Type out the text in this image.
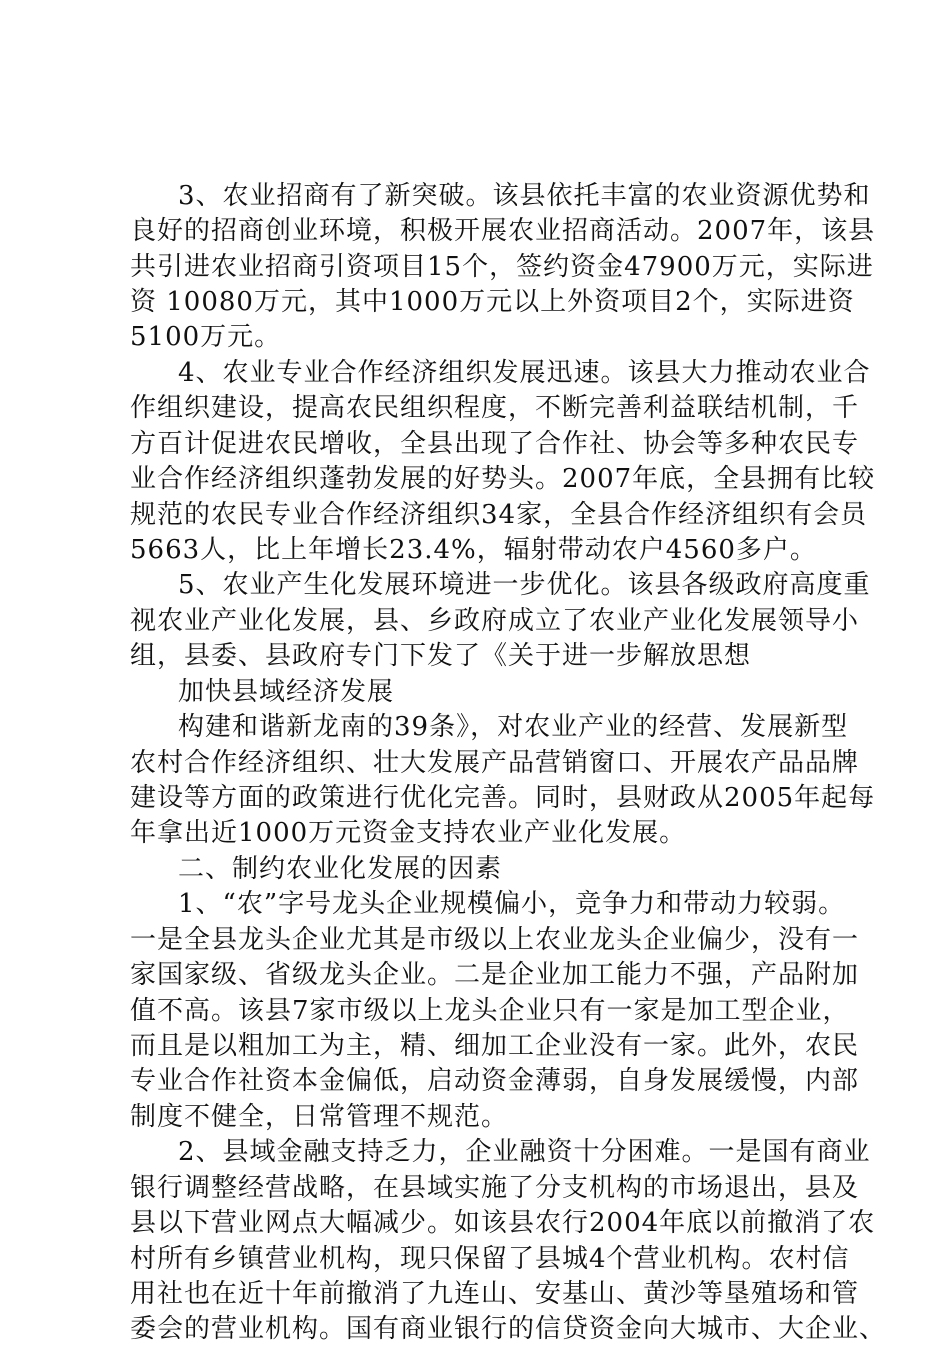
3、农业招商有了新突破。该县依托丰富的农业资源优势和
良好的招商创业环境，积极开展农业招商活动。2007年，该县
共引进农业招商引资项目15个，签约资金47900万元，实际进
资 10080万元，其中1000万元以上外资项目2个，实际进资
5100万元。
4、农业专业合作经济组织发展迅速。该县大力推动农业合
作组织建设，提高农民组织程度，不断完善利益联结机制，千
方百计促进农民增收，全县出现了合作社、协会等多种农民专
业合作经济组织蓬勃发展的好势头。2007年底，全县拥有比较
规范的农民专业合作经济组织34家，全县合作经济组织有会员
5663人，比上年增长23.4%，辐射带动农户4560多户。
5、农业产生化发展环境进一步优化。该县各级政府高度重
视农业产业化发展，县、乡政府成立了农业产业化发展领导小
组，县委、县政府专门下发了《关于进一步解放思想
加快县域经济发展
构建和谐新龙南的39条》，对农业产业的经营、发展新型
农村合作经济组织、壮大发展产品营销窗口、开展农产品品牌
建设等方面的政策进行优化完善。同时，县财政从2005年起每
年拿出近1000万元资金支持农业产业化发展。
二、制约农业化发展的因素
1、“农”字号龙头企业规模偏小，竞争力和带动力较弱。
一是全县龙头企业尤其是市级以上农业龙头企业偏少，没有一
家国家级、省级龙头企业。二是企业加工能力不强，产品附加
值不高。该县7家市级以上龙头企业只有一家是加工型企业，
而且是以粗加工为主，精、细加工企业没有一家。此外，农民
专业合作社资本金偏低，启动资金薄弱，自身发展缓慢，内部
制度不健全，日常管理不规范。
2、县域金融支持乏力，企业融资十分困难。一是国有商业
银行调整经营战略，在县域实施了分支机构的市场退出，县及
县以下营业网点大幅减少。如该县农行2004年底以前撤消了农
村所有乡镇营业机构，现只保留了县城4个营业机构。农村信
用社也在近十年前撤消了九连山、安基山、黄沙等垦殖场和管
委会的营业机构。国有商业银行的信贷资金向大城市、大企业、
